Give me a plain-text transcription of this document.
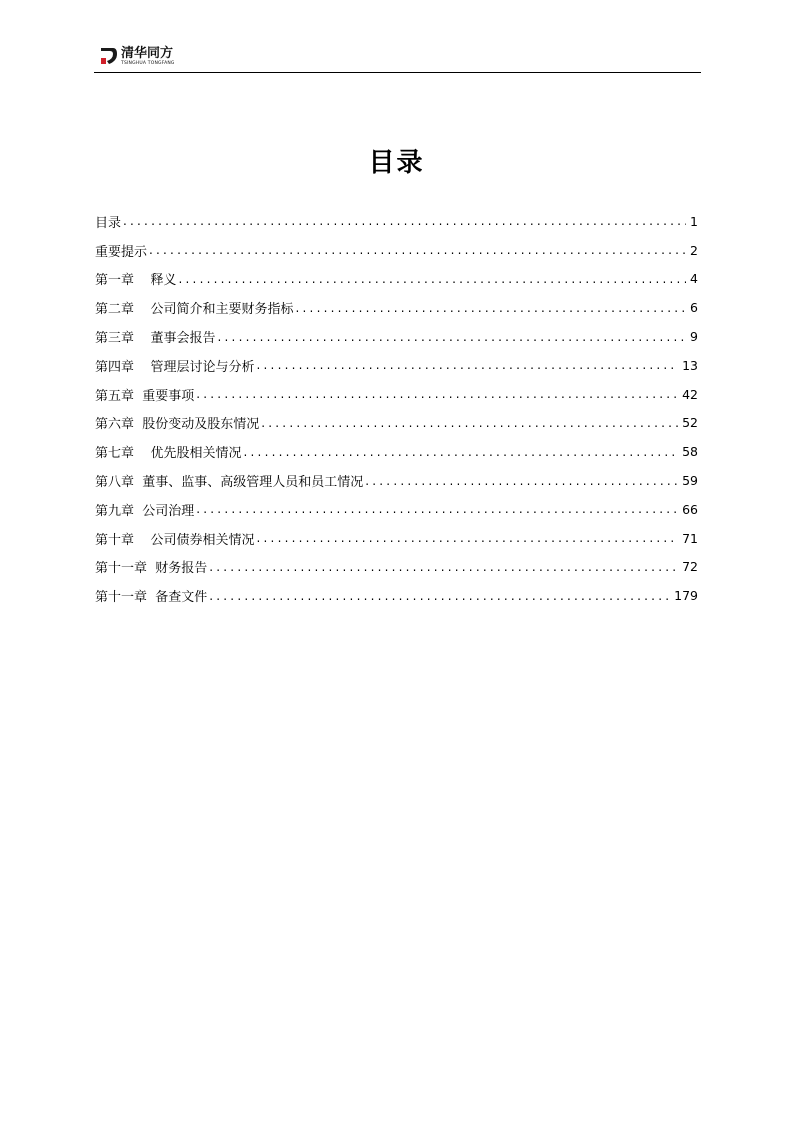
清华同方
TSINGHUA TONGFANG
目录
目录 .....	1
重要提示 .....	2
第一章    释义 .....	4
第二章    公司简介和主要财务指标 .....	6
第三章    董事会报告 .....	9
第四章    管理层讨论与分析 .....	13
第五章  重要事项 .....	42
第六章  股份变动及股东情况 .....	52
第七章    优先股相关情况 .....	58
第八章  董事、监事、高级管理人员和员工情况 .....	59
第九章  公司治理 .....	66
第十章    公司债券相关情况 .....	71
第十一章  财务报告 .....	72
第十一章  备查文件 .....	179
